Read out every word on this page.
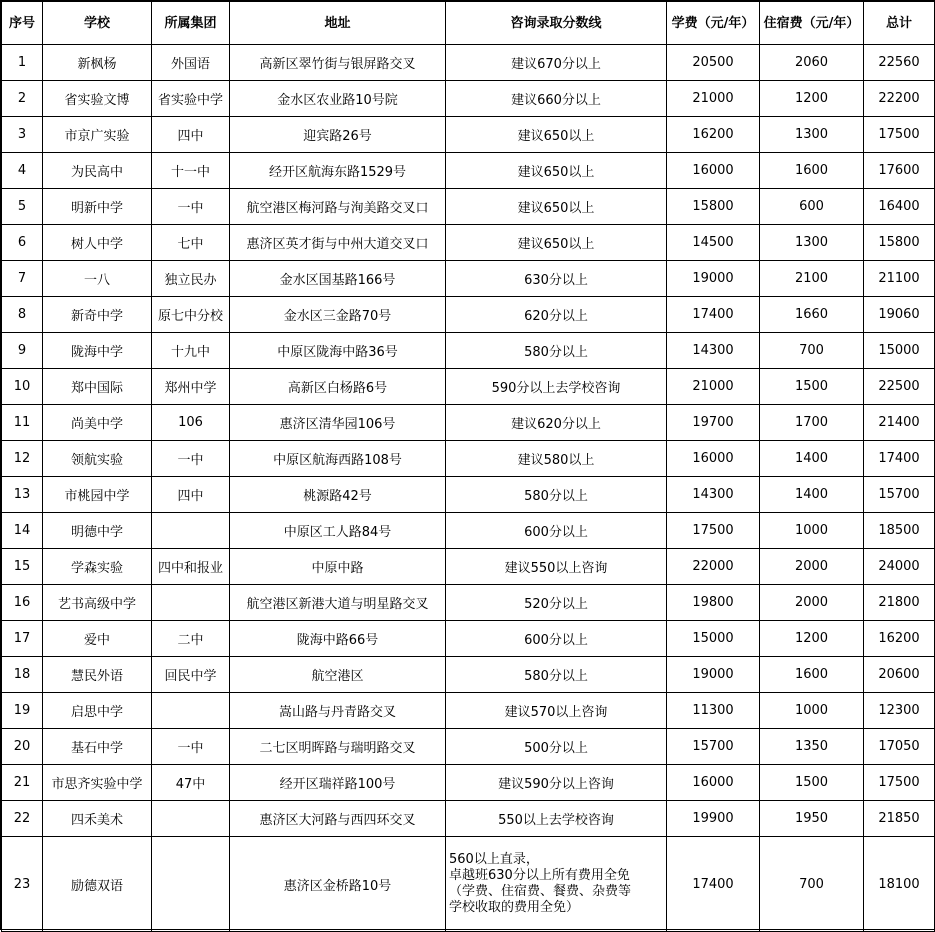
序号	学校	所属集团	地址	咨询录取分数线	学费（元/年）	住宿费（元/年）	总计
1	新枫杨	外国语	高新区翠竹街与银屏路交叉	建议670分以上	20500	2060	22560
2	省实验文博	省实验中学	金水区农业路10号院	建议660分以上	21000	1200	22200
3	市京广实验	四中	迎宾路26号	建议650以上	16200	1300	17500
4	为民高中	十一中	经开区航海东路1529号	建议650以上	16000	1600	17600
5	明新中学	一中	航空港区梅河路与洵美路交叉口	建议650以上	15800	600	16400
6	树人中学	七中	惠济区英才街与中州大道交叉口	建议650以上	14500	1300	15800
7	一八	独立民办	金水区国基路166号	630分以上	19000	2100	21100
8	新奇中学	原七中分校	金水区三金路70号	620分以上	17400	1660	19060
9	陇海中学	十九中	中原区陇海中路36号	580分以上	14300	700	15000
10	郑中国际	郑州中学	高新区白杨路6号	590分以上去学校咨询	21000	1500	22500
11	尚美中学	106	惠济区清华园106号	建议620分以上	19700	1700	21400
12	领航实验	一中	中原区航海西路108号	建议580以上	16000	1400	17400
13	市桃园中学	四中	桃源路42号	580分以上	14300	1400	15700
14	明德中学		中原区工人路84号	600分以上	17500	1000	18500
15	学森实验	四中和报业	中原中路	建议550以上咨询	22000	2000	24000
16	艺书高级中学		航空港区新港大道与明星路交叉	520分以上	19800	2000	21800
17	爱中	二中	陇海中路66号	600分以上	15000	1200	16200
18	慧民外语	回民中学	航空港区	580分以上	19000	1600	20600
19	启思中学		嵩山路与丹青路交叉	建议570以上咨询	11300	1000	12300
20	基石中学	一中	二七区明晖路与瑞明路交叉	500分以上	15700	1350	17050
21	市思齐实验中学	47中	经开区瑞祥路100号	建议590分以上咨询	16000	1500	17500
22	四禾美术		惠济区大河路与西四环交叉	550以上去学校咨询	19900	1950	21850
23	励德双语		惠济区金桥路10号	560以上直录，
卓越班630分以上所有费用全免
（学费、住宿费、餐费、杂费等
学校收取的费用全免）	17400	700	18100
